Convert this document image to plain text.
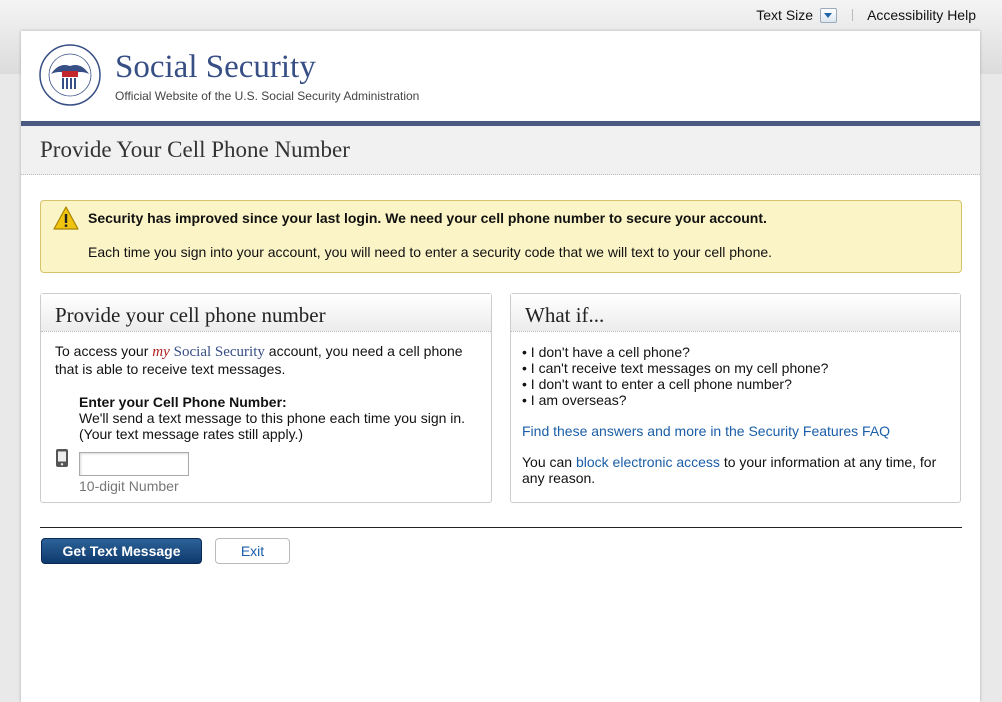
Text Size	Accessibility Help
Social Security
Official Website of the U.S. Social Security Administration
Provide Your Cell Phone Number
Security has improved since your last login. We need your cell phone number to secure your account.
Each time you sign into your account, you will need to enter a security code that we will text to your cell phone.
Provide your cell phone number
To access your my Social Security account, you need a cell phone that is able to receive text messages.
Enter your Cell Phone Number:
We'll send a text message to this phone each time you sign in.
(Your text message rates still apply.)
10-digit Number
What if...
• I don't have a cell phone?
• I can't receive text messages on my cell phone?
• I don't want to enter a cell phone number?
• I am overseas?
Find these answers and more in the Security Features FAQ
You can block electronic access to your information at any time, for any reason.
Get Text Message	Exit
